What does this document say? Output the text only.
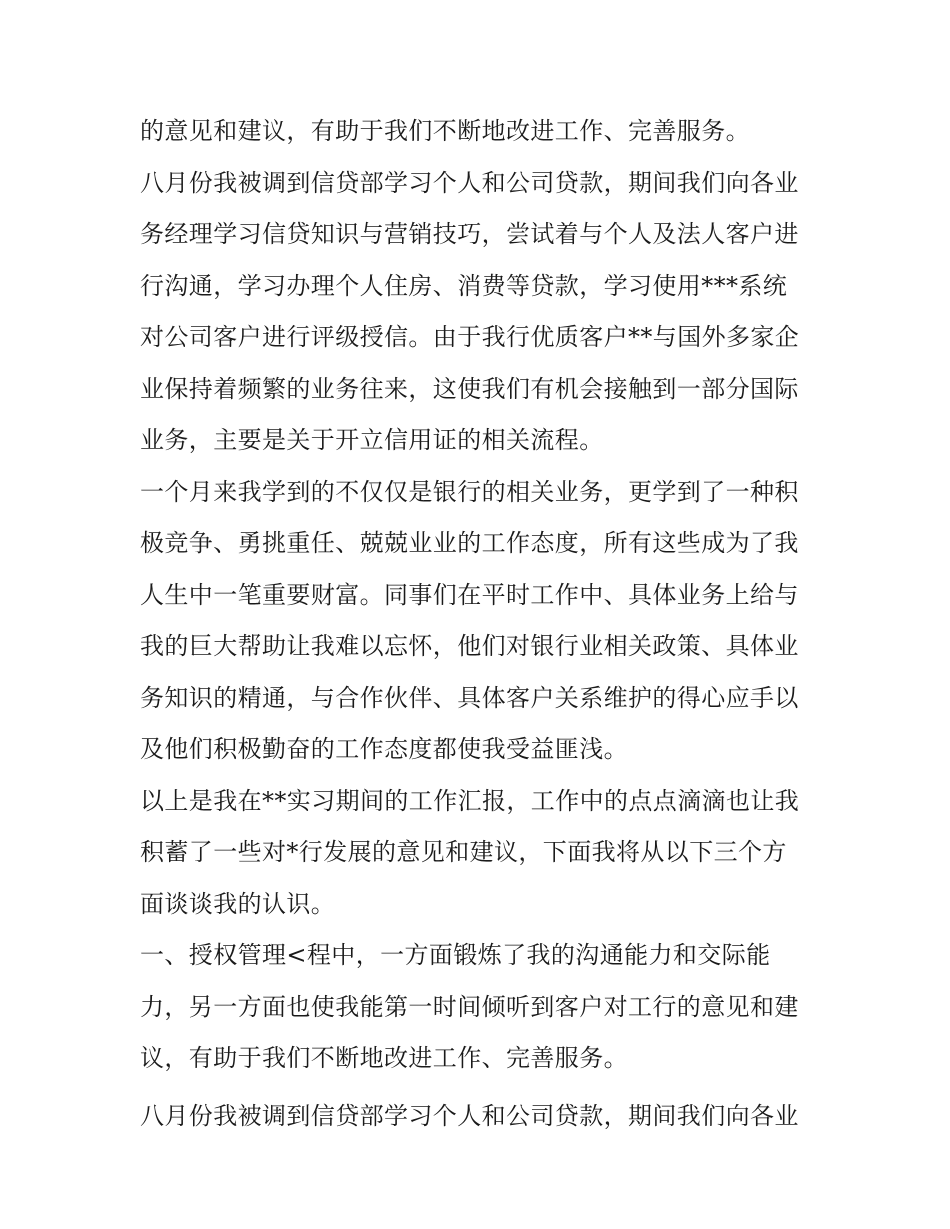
的意见和建议，有助于我们不断地改进工作、完善服务。
八月份我被调到信贷部学习个人和公司贷款，期间我们向各业
务经理学习信贷知识与营销技巧，尝试着与个人及法人客户进
行沟通，学习办理个人住房、消费等贷款，学习使用***系统
对公司客户进行评级授信。由于我行优质客户**与国外多家企
业保持着频繁的业务往来，这使我们有机会接触到一部分国际
业务，主要是关于开立信用证的相关流程。
一个月来我学到的不仅仅是银行的相关业务，更学到了一种积
极竞争、勇挑重任、兢兢业业的工作态度，所有这些成为了我
人生中一笔重要财富。同事们在平时工作中、具体业务上给与
我的巨大帮助让我难以忘怀，他们对银行业相关政策、具体业
务知识的精通，与合作伙伴、具体客户关系维护的得心应手以
及他们积极勤奋的工作态度都使我受益匪浅。
以上是我在**实习期间的工作汇报，工作中的点点滴滴也让我
积蓄了一些对*行发展的意见和建议，下面我将从以下三个方
面谈谈我的认识。
一、授权管理<程中，一方面锻炼了我的沟通能力和交际能
力，另一方面也使我能第一时间倾听到客户对工行的意见和建
议，有助于我们不断地改进工作、完善服务。
八月份我被调到信贷部学习个人和公司贷款，期间我们向各业
